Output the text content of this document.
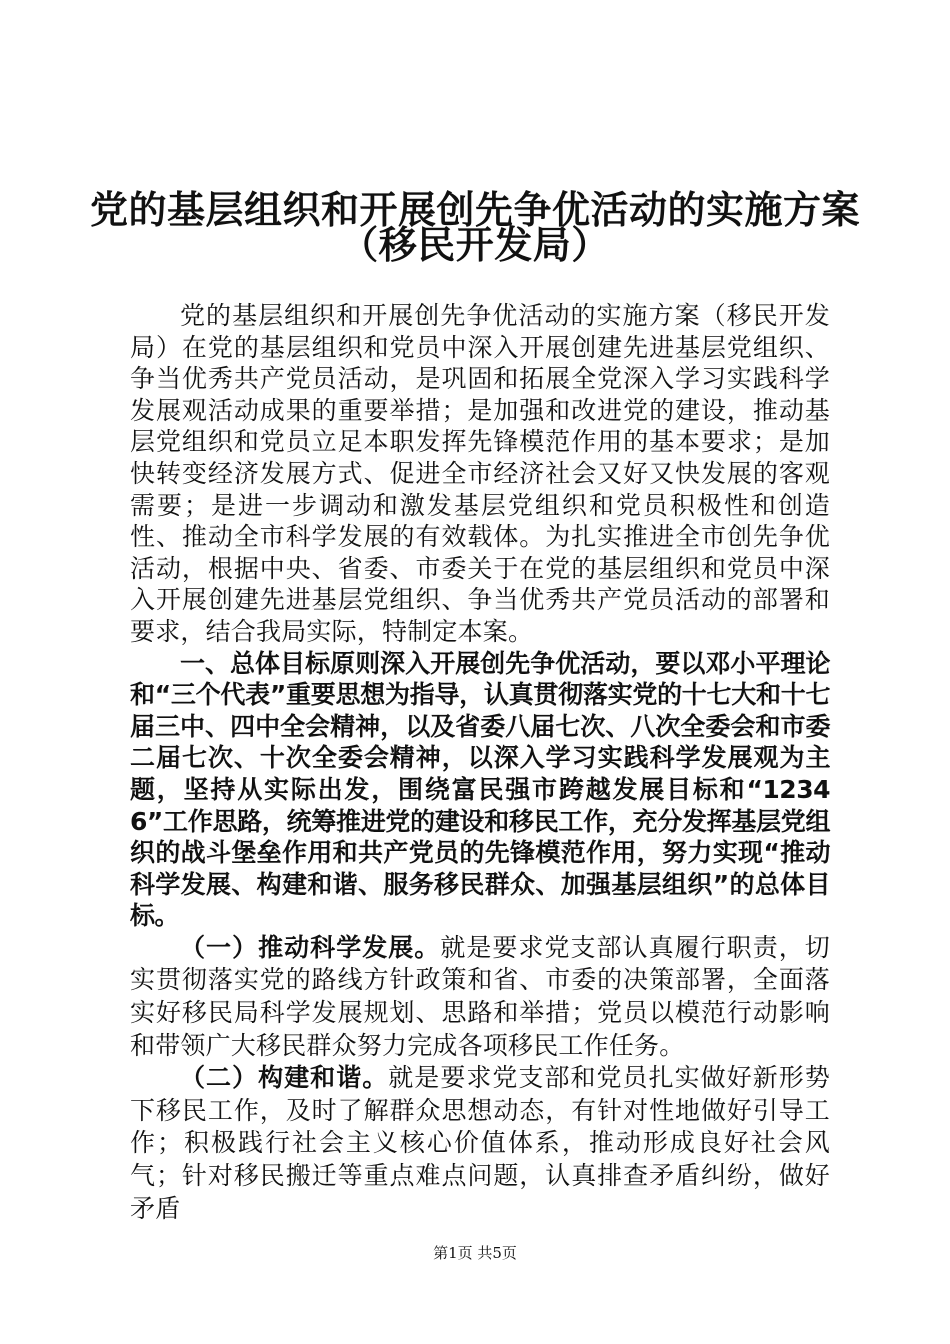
党的基层组织和开展创先争优活动的实施方案
（移民开发局）

党的基层组织和开展创先争优活动的实施方案（移民开发局）在党的基层组织和党员中深入开展创建先进基层党组织、争当优秀共产党员活动，是巩固和拓展全党深入学习实践科学发展观活动成果的重要举措；是加强和改进党的建设，推动基层党组织和党员立足本职发挥先锋模范作用的基本要求；是加快转变经济发展方式、促进全市经济社会又好又快发展的客观需要；是进一步调动和激发基层党组织和党员积极性和创造性、推动全市科学发展的有效载体。为扎实推进全市创先争优活动，根据中央、省委、市委关于在党的基层组织和党员中深入开展创建先进基层党组织、争当优秀共产党员活动的部署和要求，结合我局实际，特制定本案。

一、总体目标原则深入开展创先争优活动，要以邓小平理论和“三个代表”重要思想为指导，认真贯彻落实党的十七大和十七届三中、四中全会精神，以及省委八届七次、八次全委会和市委二届七次、十次全委会精神，以深入学习实践科学发展观为主题，坚持从实际出发，围绕富民强市跨越发展目标和“12346”工作思路，统筹推进党的建设和移民工作，充分发挥基层党组织的战斗堡垒作用和共产党员的先锋模范作用，努力实现“推动科学发展、构建和谐、服务移民群众、加强基层组织”的总体目标。

（一）推动科学发展。就是要求党支部认真履行职责，切实贯彻落实党的路线方针政策和省、市委的决策部署，全面落实好移民局科学发展规划、思路和举措；党员以模范行动影响和带领广大移民群众努力完成各项移民工作任务。

（二）构建和谐。就是要求党支部和党员扎实做好新形势下移民工作，及时了解群众思想动态，有针对性地做好引导工作；积极践行社会主义核心价值体系，推动形成良好社会风气；针对移民搬迁等重点难点问题，认真排查矛盾纠纷，做好矛盾

第1页 共5页
